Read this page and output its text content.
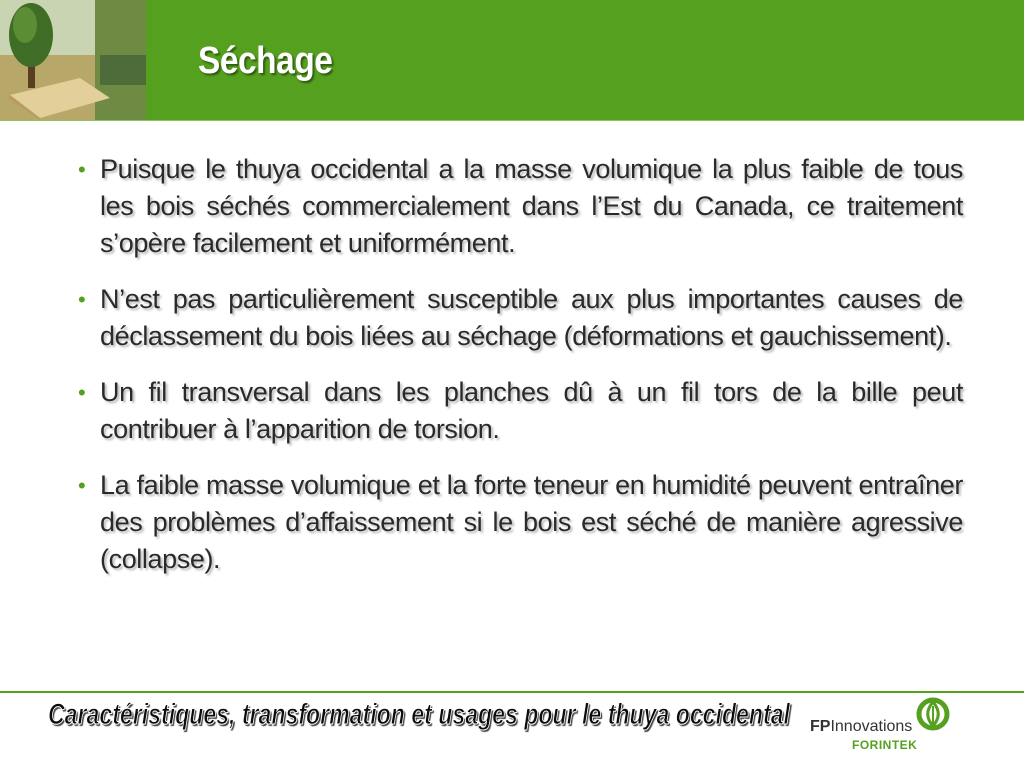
Séchage
• Puisque le thuya occidental a la masse volumique la plus faible de tous les bois séchés commercialement dans l’Est du Canada, ce traitement s’opère facilement et uniformément.
• N’est pas particulièrement susceptible aux plus importantes causes de déclassement du bois liées au séchage (déformations et gauchissement).
• Un fil transversal dans les planches dû à un fil tors de la bille peut contribuer à l’apparition de torsion.
• La faible masse volumique et la forte teneur en humidité peuvent entraîner des problèmes d’affaissement si le bois est séché de manière agressive (collapse).
Caractéristiques, transformation et usages pour le thuya occidental FPInnovations
FORINTEK
